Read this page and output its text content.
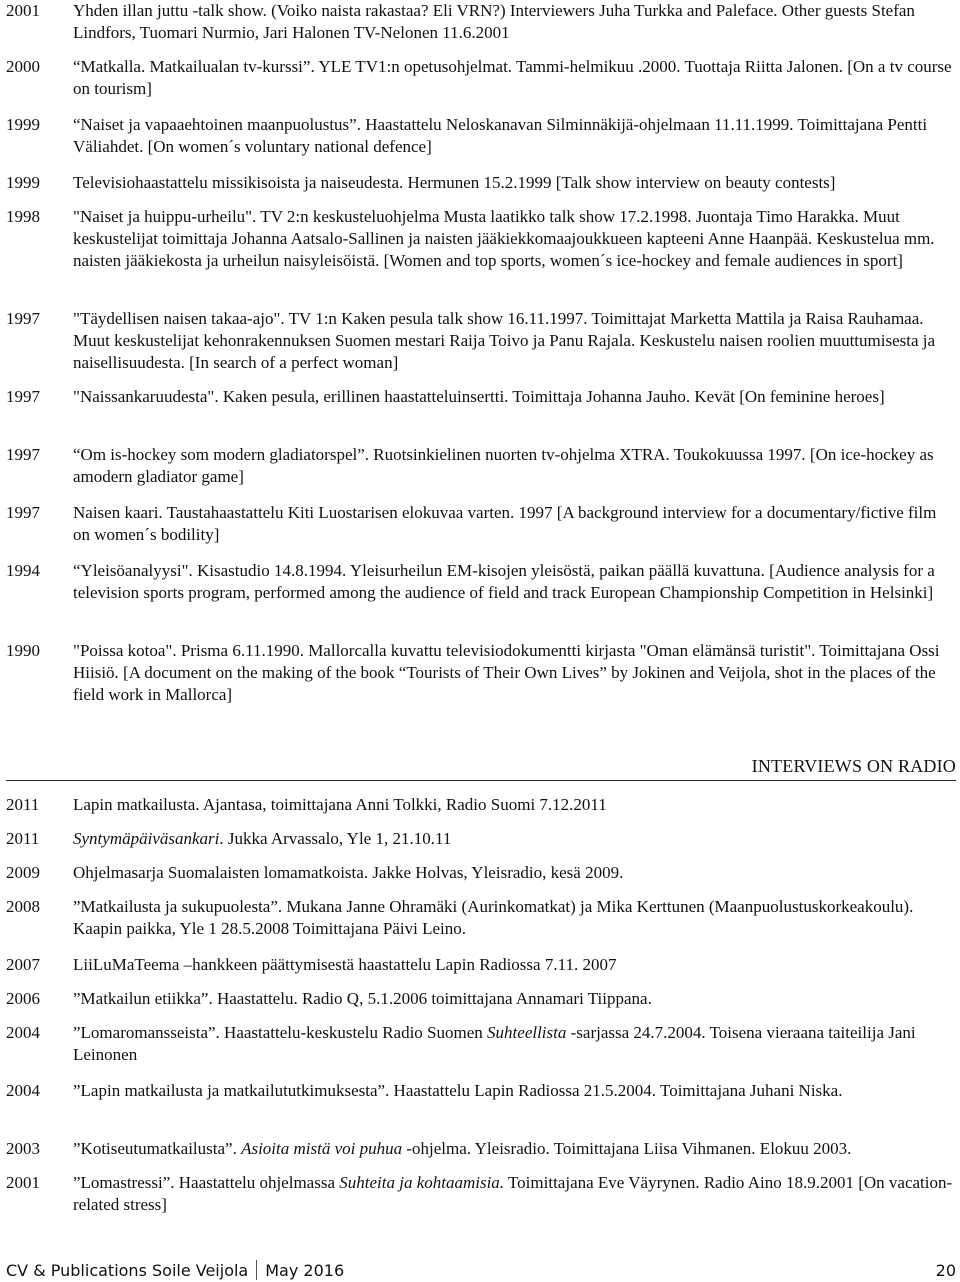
2001	Yhden illan juttu -talk show. (Voiko naista rakastaa? Eli VRN?) Interviewers Juha Turkka and Paleface. Other guests Stefan Lindfors, Tuomari Nurmio, Jari Halonen TV-Nelonen 11.6.2001
2000	“Matkalla. Matkailualan tv-kurssi”. YLE TV1:n opetusohjelmat. Tammi-helmikuu .2000. Tuottaja Riitta Jalonen. [On a tv course on tourism]
1999	“Naiset ja vapaaehtoinen maanpuolustus”. Haastattelu Neloskanavan Silminnäkijä-ohjelmaan 11.11.1999. Toimittajana Pentti Väliahdet. [On women´s voluntary national defence]
1999	Televisiohaastattelu missikisoista ja naiseudesta. Hermunen 15.2.1999 [Talk show interview on beauty contests]
1998	"Naiset ja huippu-urheilu". TV 2:n keskusteluohjelma Musta laatikko talk show 17.2.1998. Juontaja Timo Harakka. Muut keskustelijat toimittaja Johanna Aatsalo-Sallinen ja naisten jääkiekkomaajoukkueen kapteeni Anne Haanpää. Keskustelua mm. naisten jääkiekosta ja urheilun naisyleisöistä. [Women and top sports, women´s ice-hockey and female audiences in sport]
1997	"Täydellisen naisen takaa-ajo". TV 1:n Kaken pesula talk show 16.11.1997. Toimittajat Marketta Mattila ja Raisa Rauhamaa. Muut keskustelijat kehonrakennuksen Suomen mestari Raija Toivo ja Panu Rajala. Keskustelu naisen roolien muuttumisesta ja naisellisuudesta. [In search of a perfect woman]
1997	"Naissankaruudesta". Kaken pesula, erillinen haastatteluinsertti. Toimittaja Johanna Jauho. Kevät [On feminine heroes]
1997	“Om is-hockey som modern gladiatorspel”. Ruotsinkielinen nuorten tv-ohjelma XTRA. Toukokuussa 1997. [On ice-hockey as amodern gladiator game]
1997	Naisen kaari. Taustahaastattelu Kiti Luostarisen elokuvaa varten. 1997 [A background interview for a documentary/fictive film on women´s bodility]
1994	“Yleisöanalyysi". Kisastudio 14.8.1994. Yleisurheilun EM-kisojen yleisöstä, paikan päällä kuvattuna. [Audience analysis for a television sports program, performed among the audience of field and track European Championship Competition in Helsinki]
1990	"Poissa kotoa". Prisma 6.11.1990. Mallorcalla kuvattu televisiodokumentti kirjasta "Oman elämänsä turistit". Toimittajana Ossi Hiisiö. [A document on the making of the book “Tourists of Their Own Lives” by Jokinen and Veijola, shot in the places of the field work in Mallorca]
INTERVIEWS ON RADIO
2011	Lapin matkailusta. Ajantasa, toimittajana Anni Tolkki, Radio Suomi 7.12.2011
2011	Syntymäpäiväsankari. Jukka Arvassalo, Yle 1, 21.10.11
2009	Ohjelmasarja Suomalaisten lomamatkoista. Jakke Holvas, Yleisradio, kesä 2009.
2008	”Matkailusta ja sukupuolesta”. Mukana Janne Ohramäki (Aurinkomatkat) ja Mika Kerttunen (Maanpuolustuskorkeakoulu). Kaapin paikka, Yle 1 28.5.2008 Toimittajana Päivi Leino.
2007	LiiLuMaTeema –hankkeen päättymisestä haastattelu Lapin Radiossa 7.11. 2007
2006	”Matkailun etiikka”. Haastattelu. Radio Q, 5.1.2006 toimittajana Annamari Tiippana.
2004	”Lomaromansseista”. Haastattelu-keskustelu Radio Suomen Suhteellista -sarjassa 24.7.2004. Toisena vieraana taiteilija Jani Leinonen
2004	”Lapin matkailusta ja matkailututkimuksesta”. Haastattelu Lapin Radiossa 21.5.2004. Toimittajana Juhani Niska.
2003	”Kotiseutumatkailusta”. Asioita mistä voi puhua -ohjelma. Yleisradio. Toimittajana Liisa Vihmanen. Elokuu 2003.
2001	”Lomastressi”. Haastattelu ohjelmassa Suhteita ja kohtaamisia. Toimittajana Eve Väyrynen. Radio Aino 18.9.2001 [On vacation-related stress]
CV & Publications Soile Veijola May 2016	20
